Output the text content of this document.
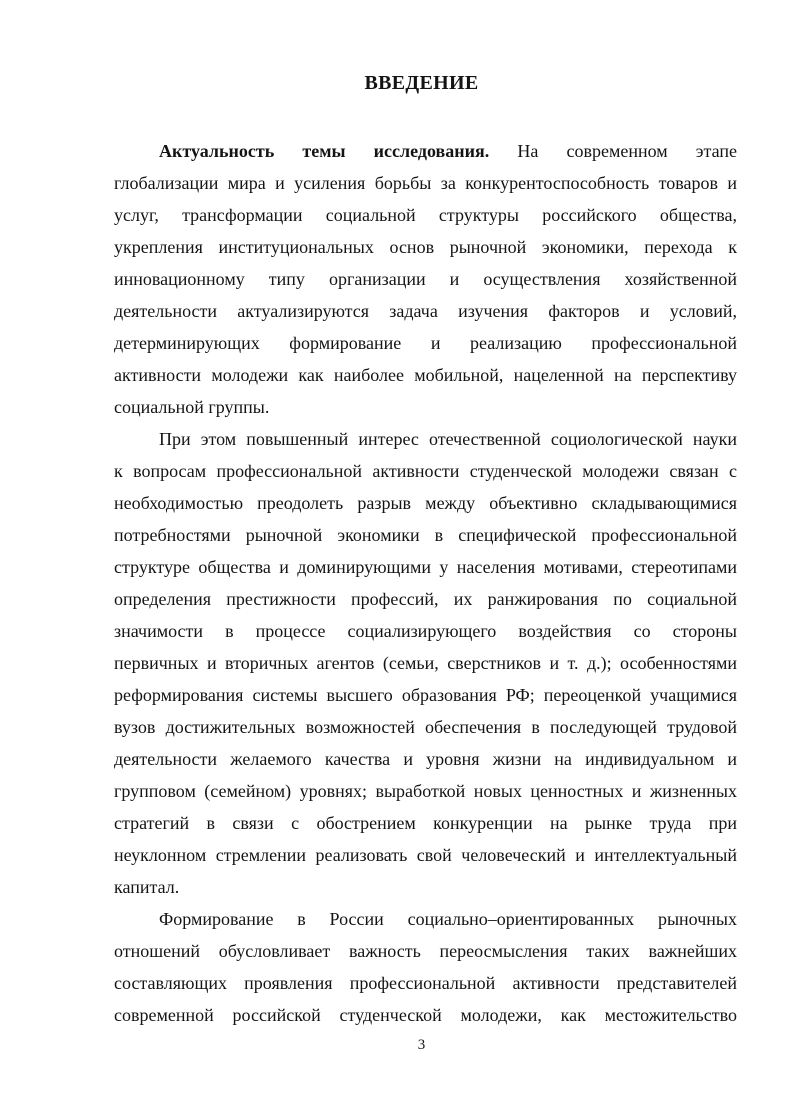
ВВЕДЕНИЕ

Актуальность темы исследования. На современном этапе

глобализации мира и усиления борьбы за конкурентоспособность товаров и

услуг, трансформации социальной структуры российского общества,

укрепления институциональных основ рыночной экономики, перехода к

инновационному типу организации и осуществления хозяйственной

деятельности актуализируются задача изучения факторов и условий,

детерминирующих формирование и реализацию профессиональной

активности молодежи как наиболее мобильной, нацеленной на перспективу

социальной группы.

При этом повышенный интерес отечественной социологической науки

к вопросам профессиональной активности студенческой молодежи связан с

необходимостью преодолеть разрыв между объективно складывающимися

потребностями рыночной экономики в специфической профессиональной

структуре общества и доминирующими у населения мотивами, стереотипами

определения престижности профессий, их ранжирования по социальной

значимости в процессе социализирующего воздействия со стороны

первичных и вторичных агентов (семьи, сверстников и т. д.); особенностями

реформирования системы высшего образования РФ; переоценкой учащимися

вузов достижительных возможностей обеспечения в последующей трудовой

деятельности желаемого качества и уровня жизни на индивидуальном и

групповом (семейном) уровнях; выработкой новых ценностных и жизненных

стратегий в связи с обострением конкуренции на рынке труда при

неуклонном стремлении реализовать свой человеческий и интеллектуальный

капитал.

Формирование в России социально–ориентированных рыночных

отношений обусловливает важность переосмысления таких важнейших

составляющих проявления профессиональной активности представителей

современной российской студенческой молодежи, как местожительство

3
